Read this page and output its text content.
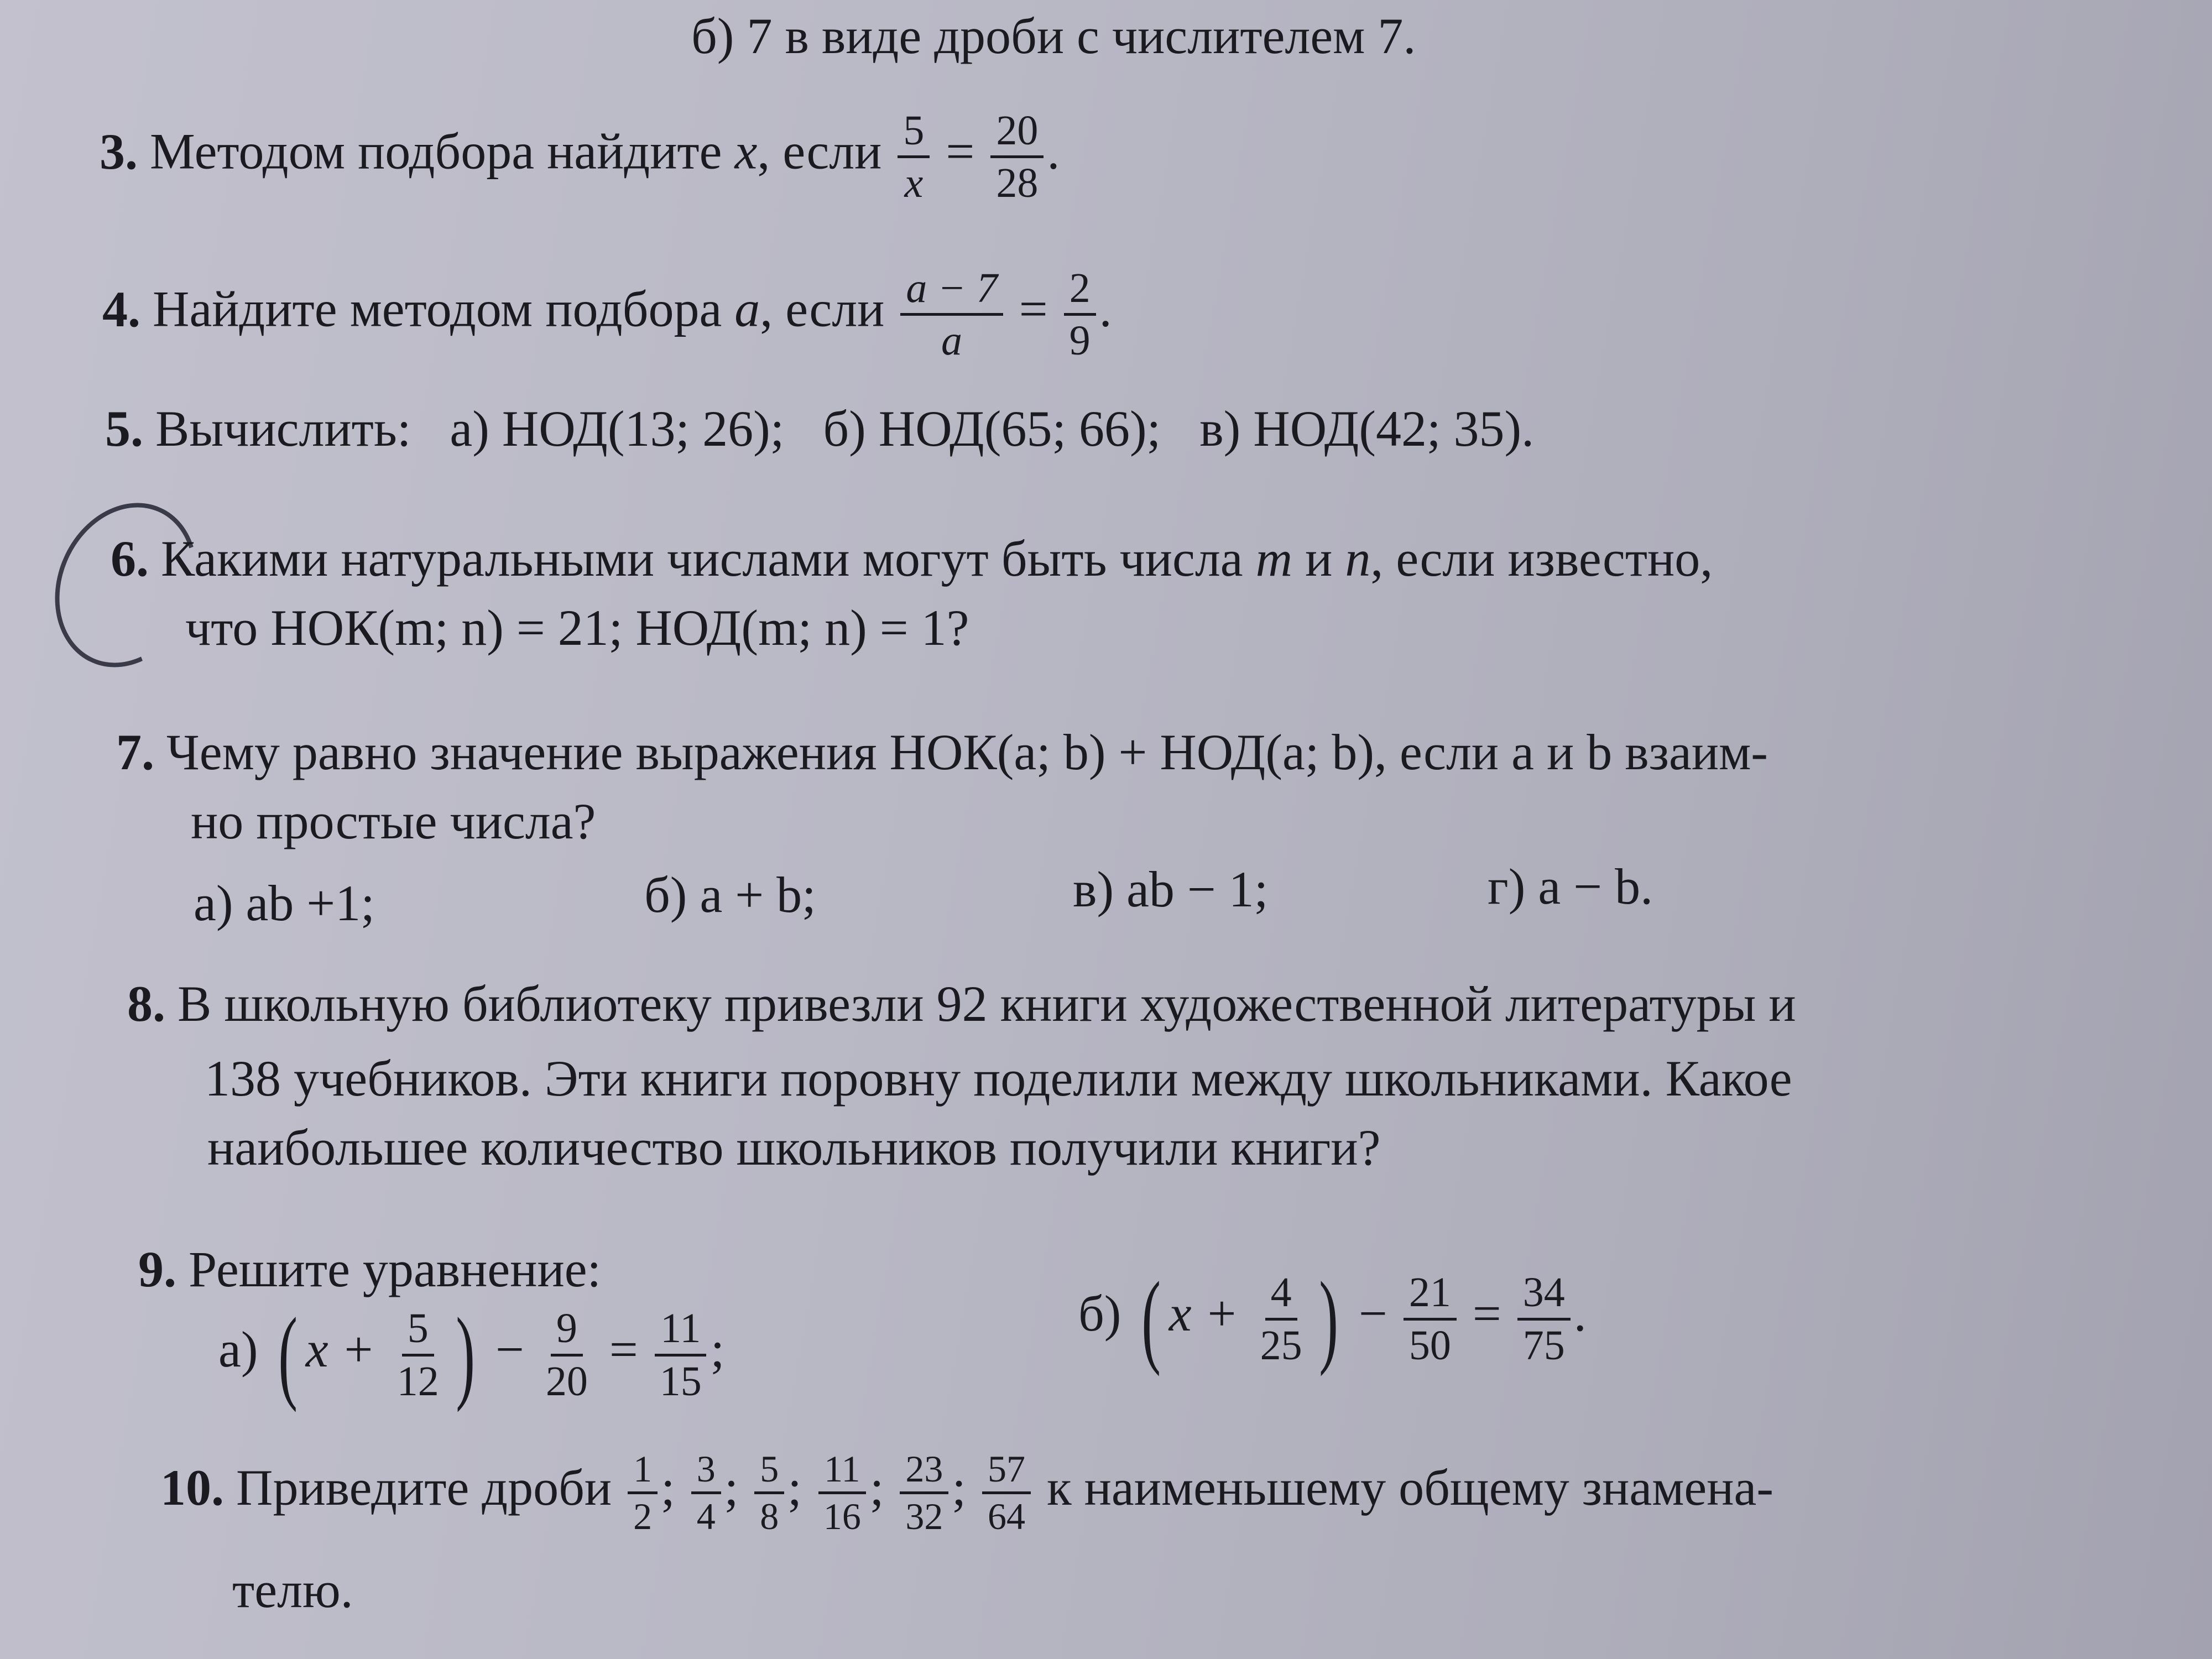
б) 7 в виде дроби с числителем 7.
3. Методом подбора найдите x, если $\frac{5}{x} = \frac{20}{28}$ .
4. Найдите методом подбора a, если $\frac{a - 7}{a} = \frac{2}{9}$ .
5. Вычислить: а) НОД(13; 26); б) НОД(65; 66); в) НОД(42; 35).
6. Какими натуральными числами могут быть числа m и n, если известно,
что НОК(m; n) = 21; НОД(m; n) = 1?
7. Чему равно значение выражения НОК(a; b) + НОД(a; b), если a и b взаим-
но простые числа?
а) ab +1;	б) a + b;	в) ab − 1;	г) a − b.
8. В школьную библиотеку привезли 92 книги художественной литературы и
138 учебников. Эти книги поровну поделили между школьниками. Какое
наибольшее количество школьников получили книги?
9. Решите уравнение:
а) ( $x + \frac{5}{12}$ ) − $\frac{9}{20} = \frac{11}{15}$ ;
б) ( $x + \frac{4}{25}$ ) − $\frac{21}{50} = \frac{34}{75}$ .
10. Приведите дроби $\frac{1}{2}$ ; $\frac{3}{4}$ ; $\frac{5}{8}$ ; $\frac{11}{16}$ ; $\frac{23}{32}$ ; $\frac{57}{64}$ к наименьшему общему знамена-
телю.
